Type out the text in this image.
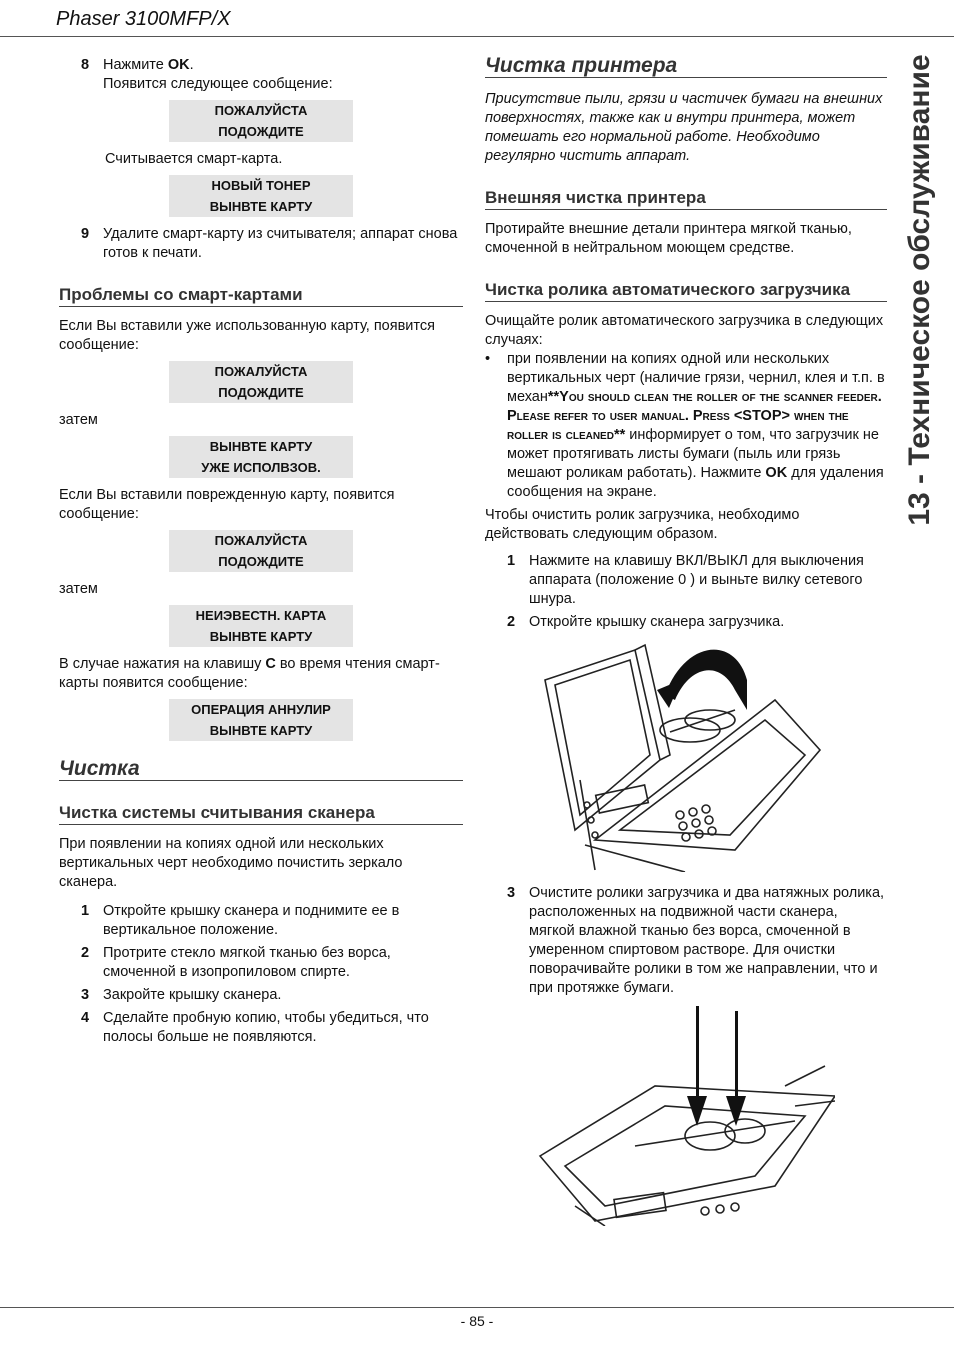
Phaser 3100MFP/X
13 - Техническое обслуживание
8 Нажмите OK.
Появится следующее сообщение:
ПОЖАЛУЙСТА
ПОДОЖДИТЕ
Считывается смарт-карта.
НОВЫЙ ТОНЕР
ВЫНВТЕ КАРТУ
9 Удалите смарт-карту из считывателя; аппарат снова готов к печати.
Проблемы со смарт-картами
Если Вы вставили уже использованную карту, появится сообщение:
ПОЖАЛУЙСТА
ПОДОЖДИТЕ
затем
ВЫНВТЕ КАРТУ
УЖЕ ИСПОЛВЗОВ.
Если Вы вставили поврежденную карту, появится сообщение:
ПОЖАЛУЙСТА
ПОДОЖДИТЕ
затем
НЕИЭВЕСТН. КАРТА
ВЫНВТЕ КАРТУ
В случае нажатия на клавишу C во время чтения смарт-карты появится сообщение:
ОПЕРАЦИЯ АННУЛИР
ВЫНВТЕ КАРТУ
Чистка
Чистка системы считывания сканера
При появлении на копиях одной или нескольких вертикальных черт необходимо почистить зеркало сканера.
1 Откройте крышку сканера и поднимите ее в вертикальное положение.
2 Протрите стекло мягкой тканью без ворса, смоченной в изопропиловом спирте.
3 Закройте крышку сканера.
4 Сделайте пробную копию, чтобы убедиться, что полосы больше не появляются.
Чистка принтера
Присутствие пыли, грязи и частичек бумаги на внешних поверхностях, также как и внутри принтера, может помешать его нормальной работе. Необходимо регулярно чистить аппарат.
Внешняя чистка принтера
Протирайте внешние детали принтера мягкой тканью, смоченной в нейтральном моющем средстве.
Чистка ролика автоматического загрузчика
Очищайте ролик автоматического загрузчика в следующих случаях:
•	при появлении на копиях одной или нескольких вертикальных черт (наличие грязи, чернил, клея и т.п. в механ**You should clean the roller of the scanner feeder. Please refer to user manual. Press <STOP> when the roller is cleaned** информирует о том, что загрузчик не может протягивать листы бумаги (пыль или грязь мешают роликам работать). Нажмите OK для удаления сообщения на экране.
Чтобы очистить ролик загрузчика, необходимо действовать следующим образом.
1 Нажмите на клавишу ВКЛ/ВЫКЛ для выключения аппарата (положение 0 ) и выньте вилку сетевого шнура.
2 Откройте крышку сканера загрузчика.
3 Очистите ролики загрузчика и два натяжных ролика, расположенных на подвижной части сканера, мягкой влажной тканью без ворса, смоченной в умеренном спиртовом растворе. Для очистки поворачивайте ролики в том же направлении, что и при протяжке бумаги.
- 85 -
